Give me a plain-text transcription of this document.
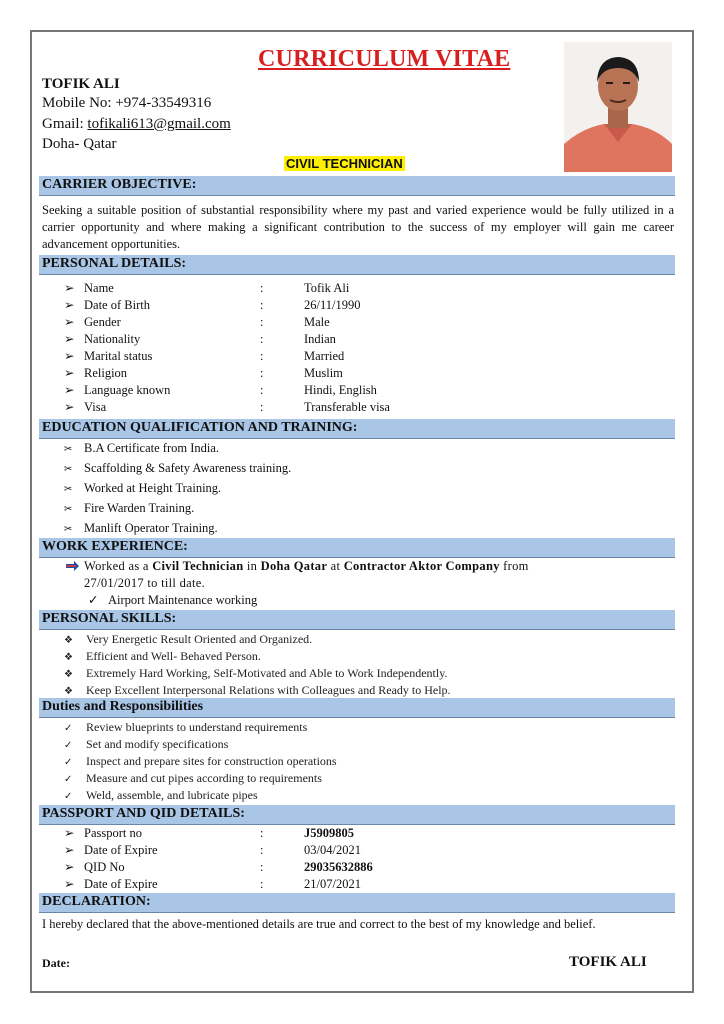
CURRICULUM VITAE
TOFIK ALI
Mobile No: +974-33549316
Gmail: tofikali613@gmail.com
Doha- Qatar
CIVIL TECHNICIAN
CARRIER OBJECTIVE:
Seeking a suitable position of substantial responsibility where my past and varied experience would be fully utilized in a carrier opportunity and where making a significant contribution to the success of my employer will gain me career advancement opportunities.
PERSONAL DETAILS:
➢ Name	:	Tofik Ali
➢ Date of Birth	:	26/11/1990
➢ Gender	:	Male
➢ Nationality	:	Indian
➢ Marital status	:	Married
➢ Religion	:	Muslim
➢ Language known	:	Hindi, English
➢ Visa	:	Transferable visa
EDUCATION QUALIFICATION AND TRAINING:
✂ B.A Certificate from India.
✂ Scaffolding & Safety Awareness training.
✂ Worked at Height Training.
✂ Fire Warden Training.
✂ Manlift Operator Training.
WORK EXPERIENCE:
Worked as a Civil Technician in Doha Qatar at Contractor Aktor Company from
27/01/2017 to till date.
✓ Airport Maintenance working
PERSONAL SKILLS:
❖ Very Energetic Result Oriented and Organized.
❖ Efficient and Well- Behaved Person.
❖ Extremely Hard Working, Self-Motivated and Able to Work Independently.
❖ Keep Excellent Interpersonal Relations with Colleagues and Ready to Help.
Duties and Responsibilities
✓ Review blueprints to understand requirements
✓ Set and modify specifications
✓ Inspect and prepare sites for construction operations
✓ Measure and cut pipes according to requirements
✓ Weld, assemble, and lubricate pipes
PASSPORT AND QID DETAILS:
➢ Passport no	:	J5909805
➢ Date of Expire	:	03/04/2021
➢ QID No	:	29035632886
➢ Date of Expire	:	21/07/2021
DECLARATION:
I hereby declared that the above-mentioned details are true and correct to the best of my knowledge and belief.
Date:	TOFIK ALI
